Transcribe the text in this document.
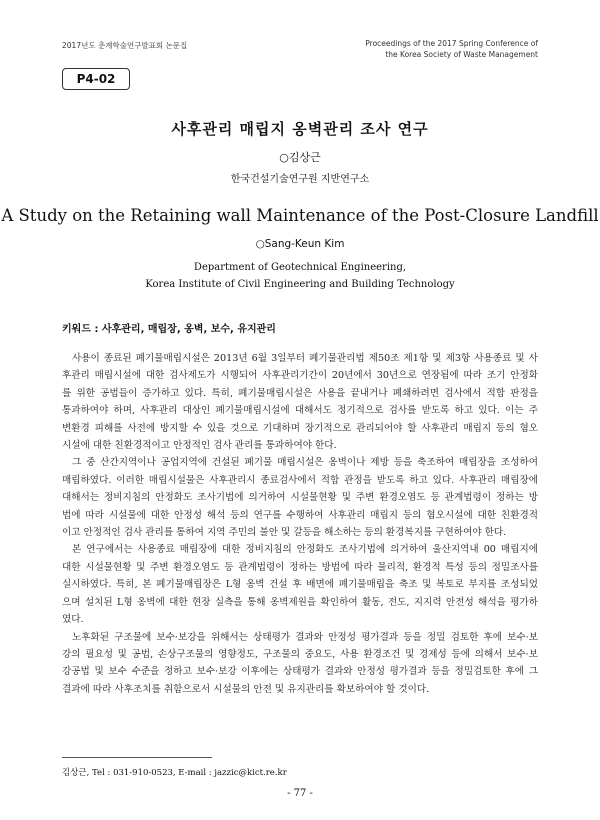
2017년도 춘계학술연구발표회 논문집	Proceedings of the 2017 Spring Conference of
the Korea Society of Waste Management
P4-02
사후관리 매립지 옹벽관리 조사 연구
○김상근
한국건설기술연구원 지반연구소
A Study on the Retaining wall Maintenance of the Post-Closure Landfill
○Sang-Keun Kim
Department of Geotechnical Engineering,
Korea Institute of Civil Engineering and Building Technology
키워드 : 사후관리, 매립장, 옹벽, 보수, 유지관리
사용이 종료된 폐기물매립시설은 2013년 6월 3일부터 폐기물관리법 제50조 제1항 및 제3항 사용종료 및 사
후관리 매립시설에 대한 검사제도가 시행되어 사후관리기간이 20년에서 30년으로 연장됨에 따라 조기 안정화
를 위한 공법들이 증가하고 있다. 특히, 폐기물매립시설은 사용을 끝내거나 폐쇄하려면 검사에서 적합 판정을
통과하여야 하며, 사후관리 대상인 폐기물매립시설에 대해서도 정기적으로 검사를 받도록 하고 있다. 이는 주
변환경 피해를 사전에 방지할 수 있을 것으로 기대하며 장기적으로 관리되어야 할 사후관리 매립지 등의 혐오
시설에 대한 친환경적이고 안정적인 검사 관리를 통과하여야 한다.
그 중 산간지역이나 공업지역에 건설된 폐기물 매립시설은 옹벽이나 제방 등을 축조하여 매립장을 조성하여
매립하였다. 이러한 매립시설물은 사후관리시 종료검사에서 적합 관정을 받도록 하고 있다. 사후관리 매립장에
대해서는 정비지침의 안정화도 조사기법에 의거하여 시설물현황 및 주변 환경오염도 등 관계법령이 정하는 방
법에 따라 시설물에 대한 안정성 해석 등의 연구를 수행하여 사후관리 매립지 등의 혐오시설에 대한 친환경적
이고 안정적인 검사 관리를 통하여 지역 주민의 불안 및 갈등을 해소하는 등의 환경복지를 구현하여야 한다.
본 연구에서는 사용종료 매립장에 대한 정비지침의 안정화도 조사기법에 의거하여 울산지역내 00 매립지에
대한 시설물현황 및 주변 환경오염도 등 관계법령이 정하는 방법에 따라 물리적, 환경적 특성 등의 정밀조사를
실시하였다. 특히, 본 폐기물매립장은 L형 옹벽 건설 후 배면에 폐기물매립을 축조 및 복토로 부지를 조성되었
으며 설치된 L형 옹벽에 대한 현장 실측을 통해 옹벽제원을 확인하여 활동, 전도, 지지력 안전성 해석을 평가하
였다.
노후화된 구조물에 보수·보강을 위해서는 상태평가 결과와 안정성 평가결과 등을 정밀 검토한 후에 보수·보
강의 필요성 및 공법, 손상구조물의 영향정도, 구조물의 중요도, 사용 환경조건 및 경제성 등에 의해서 보수·보
강공법 및 보수 수준을 정하고 보수·보강 이후에는 상태평가 결과와 안정성 평가결과 등을 정밀검토한 후에 그
결과에 따라 사후조치를 취함으로서 시설물의 안전 및 유지관리를 확보하여야 할 것이다.
김상근, Tel : 031-910-0523, E-mail : jazzic@kict.re.kr
- 77 -
